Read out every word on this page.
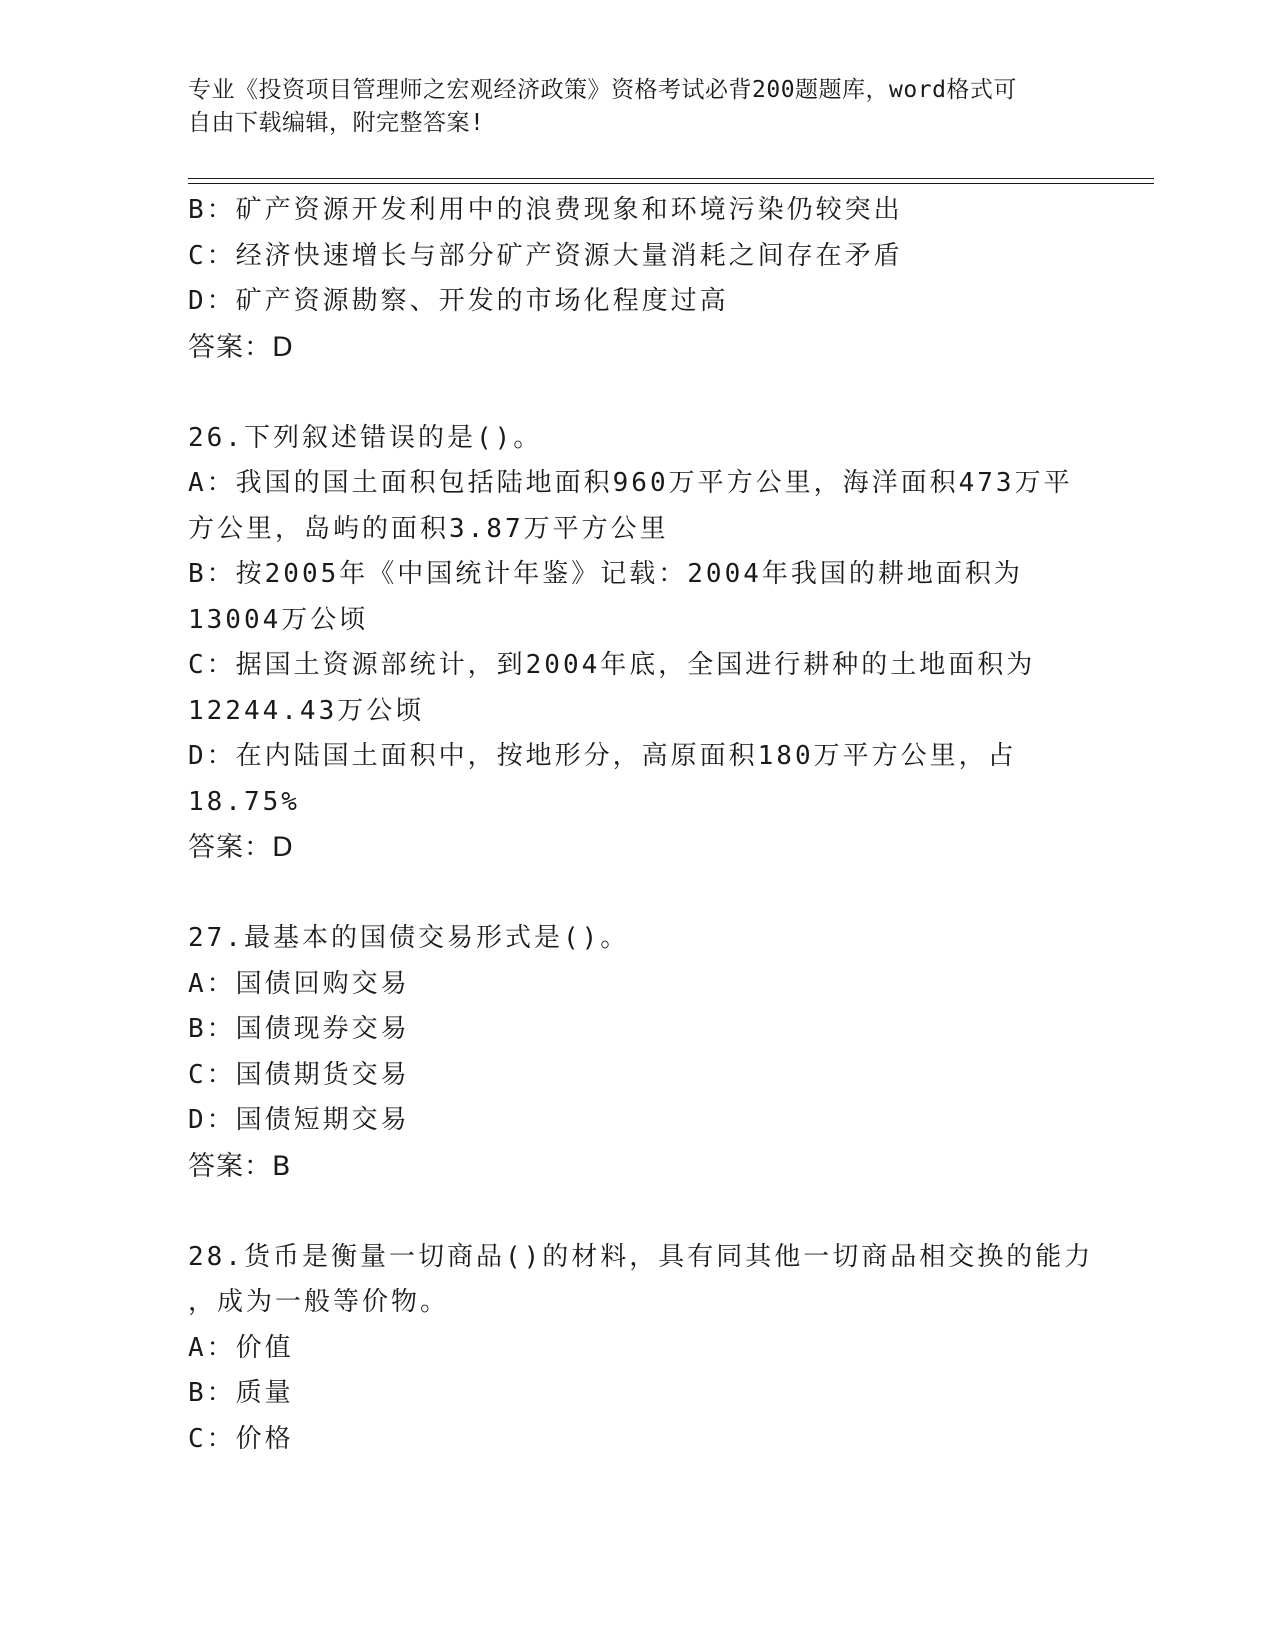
专业《投资项目管理师之宏观经济政策》资格考试必背200题题库，word格式可
自由下载编辑，附完整答案!
B：矿产资源开发利用中的浪费现象和环境污染仍较突出
C：经济快速增长与部分矿产资源大量消耗之间存在矛盾
D：矿产资源勘察、开发的市场化程度过高
答案：D
26.下列叙述错误的是()。
A：我国的国土面积包括陆地面积960万平方公里，海洋面积473万平
方公里，岛屿的面积3.87万平方公里
B：按2005年《中国统计年鉴》记载：2004年我国的耕地面积为
13004万公顷
C：据国土资源部统计，到2004年底，全国进行耕种的土地面积为
12244.43万公顷
D：在内陆国土面积中，按地形分，高原面积180万平方公里，占
18.75%
答案：D
27.最基本的国债交易形式是()。
A：国债回购交易
B：国债现券交易
C：国债期货交易
D：国债短期交易
答案：B
28.货币是衡量一切商品()的材料，具有同其他一切商品相交换的能力
，成为一般等价物。
A：价值
B：质量
C：价格
